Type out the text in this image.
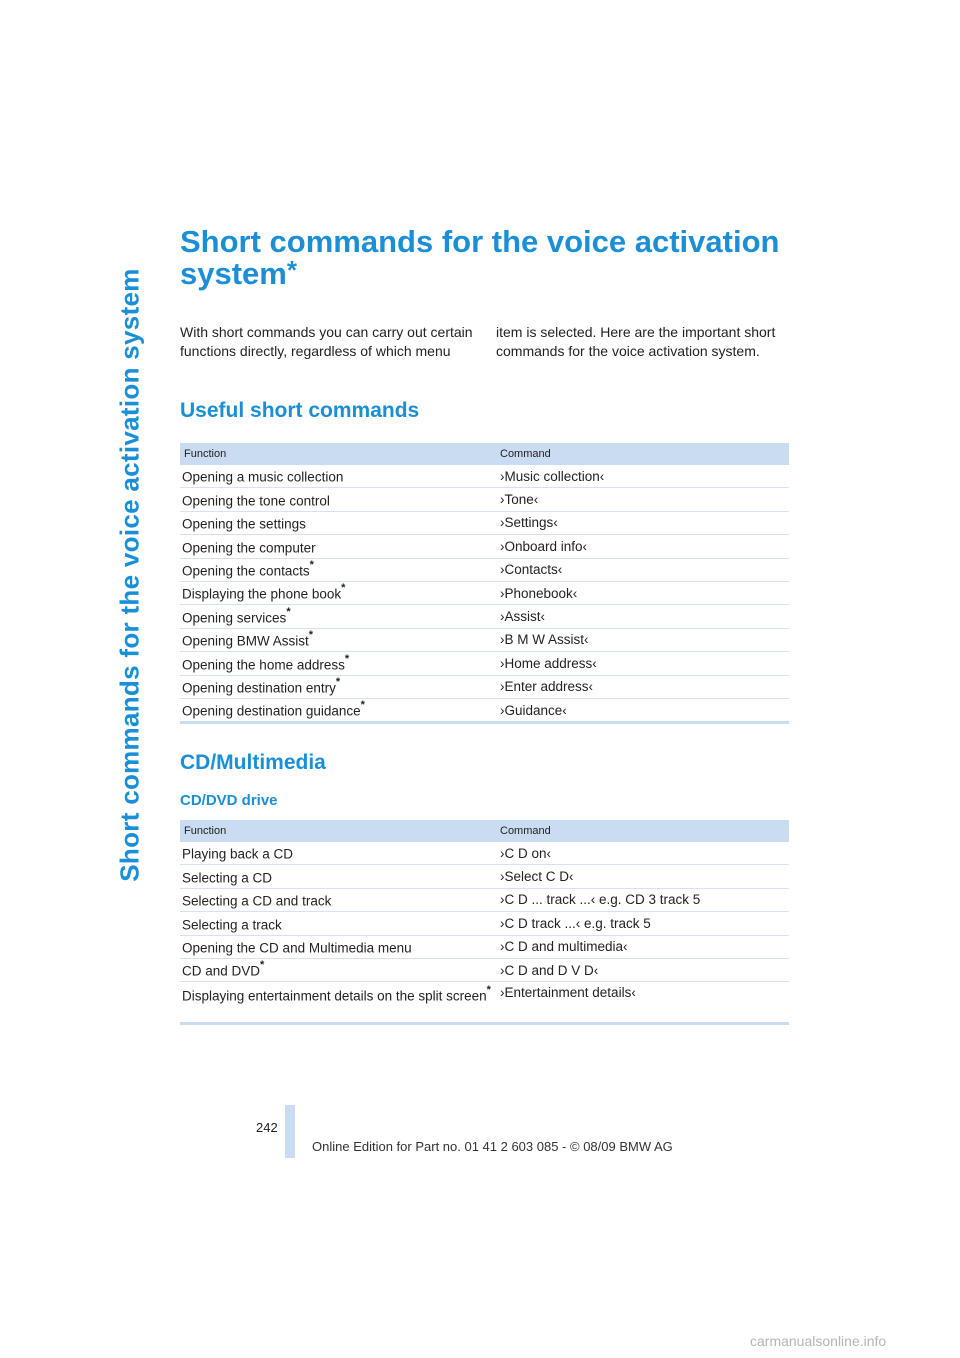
Short commands for the voice activation system
Short commands for the voice activation system*
With short commands you can carry out certain functions directly, regardless of which menu
item is selected. Here are the important short commands for the voice activation system.
Useful short commands
Function	Command
Opening a music collection	›Music collection‹
Opening the tone control	›Tone‹
Opening the settings	›Settings‹
Opening the computer	›Onboard info‹
Opening the contacts*	›Contacts‹
Displaying the phone book*	›Phonebook‹
Opening services*	›Assist‹
Opening BMW Assist*	›B M W Assist‹
Opening the home address*	›Home address‹
Opening destination entry*	›Enter address‹
Opening destination guidance*	›Guidance‹
CD/Multimedia
CD/DVD drive
Function	Command
Playing back a CD	›C D on‹
Selecting a CD	›Select C D‹
Selecting a CD and track	›C D ... track ...‹ e.g. CD 3 track 5
Selecting a track	›C D track ...‹ e.g. track 5
Opening the CD and Multimedia menu	›C D and multimedia‹
CD and DVD*	›C D and D V D‹
Displaying entertainment details on the split screen*	›Entertainment details‹
242
Online Edition for Part no. 01 41 2 603 085 - © 08/09 BMW AG
carmanualsonline.info
